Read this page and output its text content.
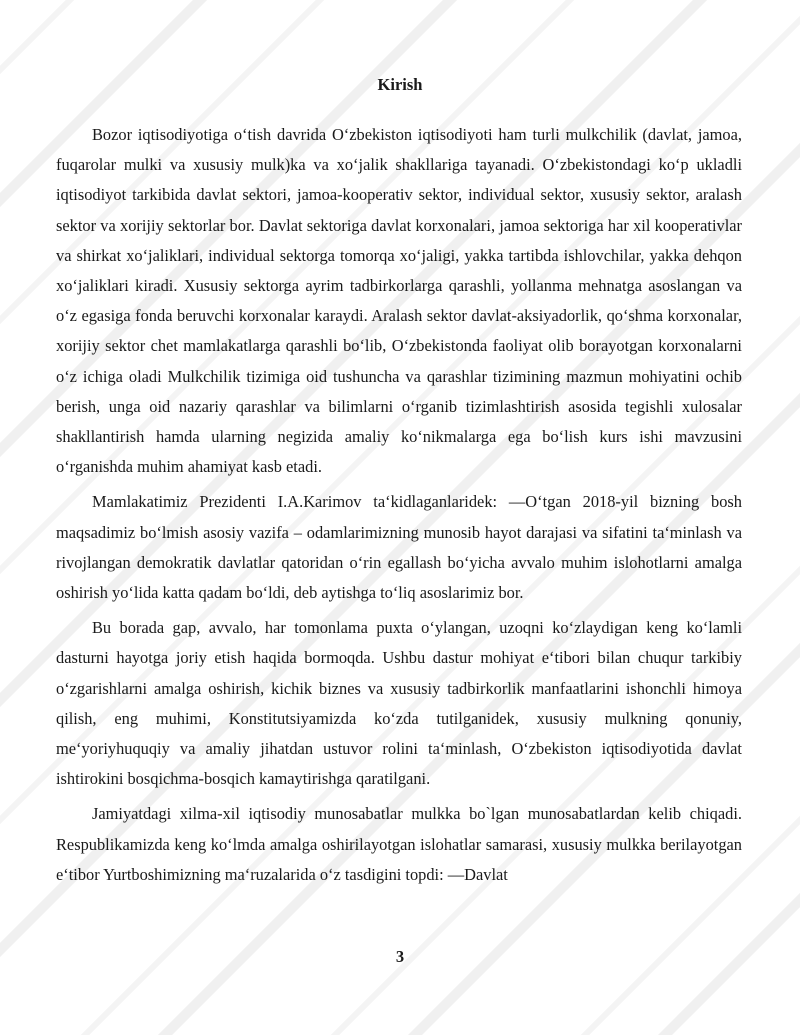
Kirish

Bozor iqtisodiyotiga oʻtish davrida Oʻzbekiston iqtisodiyoti ham turli mulkchilik (davlat, jamoa, fuqarolar mulki va xususiy mulk)ka va xoʻjalik shakllariga tayanadi. Oʻzbekistondagi koʻp ukladli iqtisodiyot tarkibida davlat sektori, jamoa-kooperativ sektor, individual sektor, xususiy sektor, aralash sektor va xorijiy sektorlar bor. Davlat sektoriga davlat korxonalari, jamoa sektoriga har xil kooperativlar va shirkat xoʻjaliklari, individual sektorga tomorqa xoʻjaligi, yakka tartibda ishlovchilar, yakka dehqon xoʻjaliklari kiradi. Xususiy sektorga ayrim tadbirkorlarga qarashli, yollanma mehnatga asoslangan va oʻz egasiga fonda beruvchi korxonalar karaydi. Aralash sektor davlat-aksiyadorlik, qoʻshma korxonalar, xorijiy sektor chet mamlakatlarga qarashli boʻlib, Oʻzbekistonda faoliyat olib borayotgan korxonalarni oʻz ichiga oladi Mulkchilik tizimiga oid tushuncha va qarashlar tizimining mazmun mohiyatini ochib berish, unga oid nazariy qarashlar va bilimlarni oʻrganib tizimlashtirish asosida tegishli xulosalar shakllantirish hamda ularning negizida amaliy koʻnikmalarga ega boʻlish kurs ishi mavzusini oʻrganishda muhim ahamiyat kasb etadi.

Mamlakatimiz Prezidenti I.A.Karimov taʻkidlaganlaridek: ―Oʻtgan 2018-yil bizning bosh maqsadimiz boʻlmish asosiy vazifa – odamlarimizning munosib hayot darajasi va sifatini taʻminlash va rivojlangan demokratik davlatlar qatoridan oʻrin egallash boʻyicha avvalo muhim islohotlarni amalga oshirish yoʻlida katta qadam boʻldi, deb aytishga toʻliq asoslarimiz bor.

Bu borada gap, avvalo, har tomonlama puxta oʻylangan, uzoqni koʻzlaydigan keng koʻlamli dasturni hayotga joriy etish haqida bormoqda. Ushbu dastur mohiyat eʻtibori bilan chuqur tarkibiy oʻzgarishlarni amalga oshirish, kichik biznes va xususiy tadbirkorlik manfaatlarini ishonchli himoya qilish, eng muhimi, Konstitutsiyamizda koʻzda tutilganidek, xususiy mulkning qonuniy, meʻyoriyhuquqiy va amaliy jihatdan ustuvor rolini taʻminlash, Oʻzbekiston iqtisodiyotida davlat ishtirokini bosqichma-bosqich kamaytirishga qaratilgani.

Jamiyatdagi xilma-xil iqtisodiy munosabatlar mulkka bo`lgan munosabatlardan kelib chiqadi. Respublikamizda keng koʻlmda amalga oshirilayotgan islohatlar samarasi, xususiy mulkka berilayotgan eʻtibor Yurtboshimizning maʻruzalarida oʻz tasdigini topdi: ―Davlat

3
